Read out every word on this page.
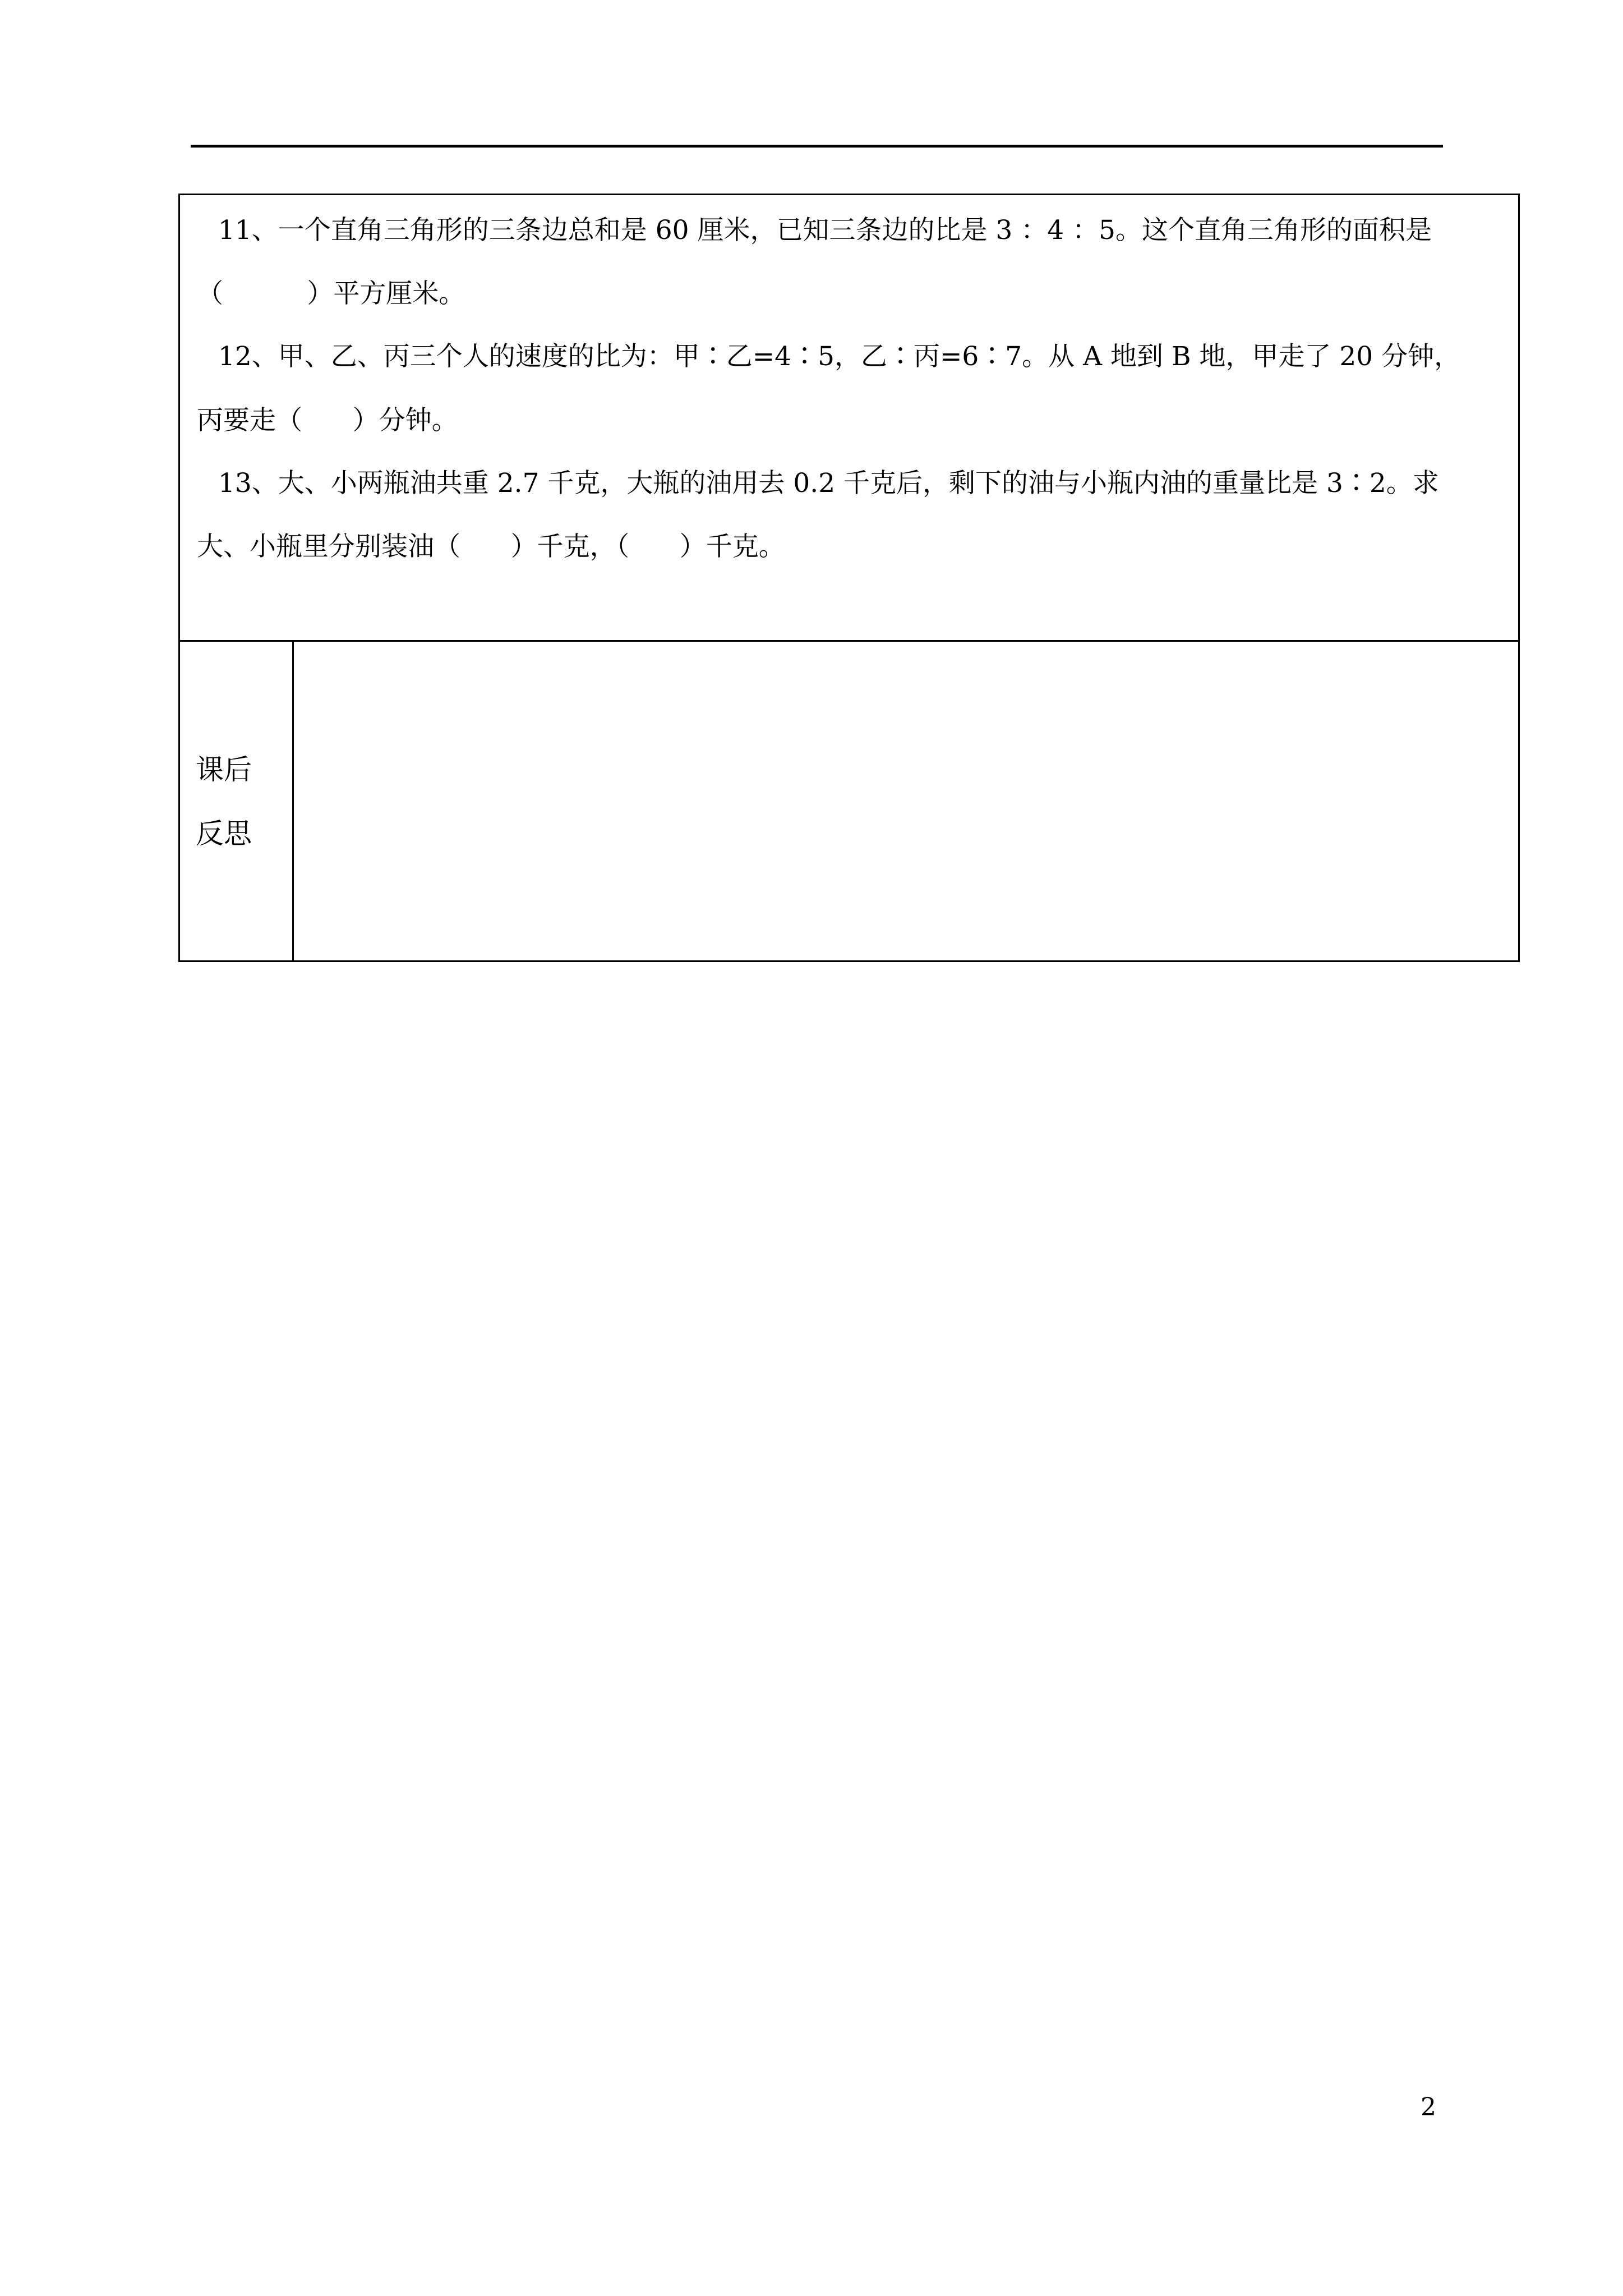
11、一个直角三角形的三条边总和是 60 厘米，已知三条边的比是 3 ：4 ：5。这个直角三角形的面积是
（          ）平方厘米。
12、甲、乙、丙三个人的速度的比为：甲∶乙=4∶5，乙∶丙=6∶7。从 A 地到 B 地，甲走了 20 分钟，
丙要走（      ）分钟。
13、大、小两瓶油共重 2.7 千克，大瓶的油用去 0.2 千克后，剩下的油与小瓶内油的重量比是 3∶2。求
大、小瓶里分别装油（      ）千克，（      ）千克。
课后
反思
2
